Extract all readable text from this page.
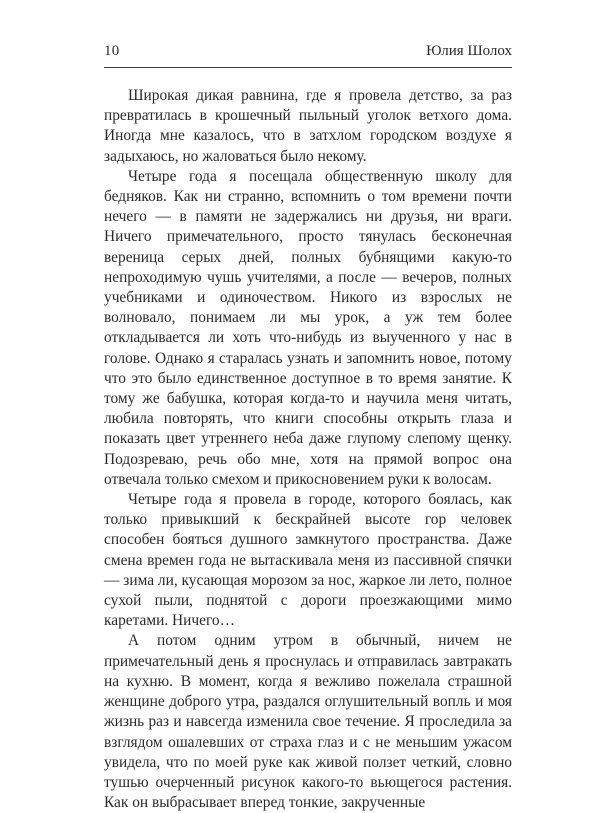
10	Юлия Шолох

Широкая дикая равнина, где я провела детство, за раз превратилась в крошечный пыльный уголок ветхого дома. Иногда мне казалось, что в затхлом городском воздухе я задыхаюсь, но жаловаться было некому.

Четыре года я посещала общественную школу для бедняков. Как ни странно, вспомнить о том времени почти нечего — в памяти не задержались ни друзья, ни враги. Ничего примечательного, просто тянулась бесконечная вереница серых дней, полных бубнящими какую-то непроходимую чушь учителями, а после — вечеров, полных учебниками и одиночеством. Никого из взрослых не волновало, понимаем ли мы урок, а уж тем более откладывается ли хоть что-нибудь из выученного у нас в голове. Однако я старалась узнать и запомнить новое, потому что это было единственное доступное в то время занятие. К тому же бабушка, которая когда-то и научила меня читать, любила повторять, что книги способны открыть глаза и показать цвет утреннего неба даже глупому слепому щенку. Подозреваю, речь обо мне, хотя на прямой вопрос она отвечала только смехом и прикосновением руки к волосам.

Четыре года я провела в городе, которого боялась, как только привыкший к бескрайней высоте гор человек способен бояться душного замкнутого пространства. Даже смена времен года не вытаскивала меня из пассивной спячки — зима ли, кусающая морозом за нос, жаркое ли лето, полное сухой пыли, поднятой с дороги проезжающими мимо каретами. Ничего…

А потом одним утром в обычный, ничем не примечательный день я проснулась и отправилась завтракать на кухню. В момент, когда я вежливо пожелала страшной женщине доброго утра, раздался оглушительный вопль и моя жизнь раз и навсегда изменила свое течение. Я проследила за взглядом ошалевших от страха глаз и с не меньшим ужасом увидела, что по моей руке как живой ползет четкий, словно тушью очерченный рисунок какого-то вьющегося растения. Как он выбрасывает вперед тонкие, закрученные
